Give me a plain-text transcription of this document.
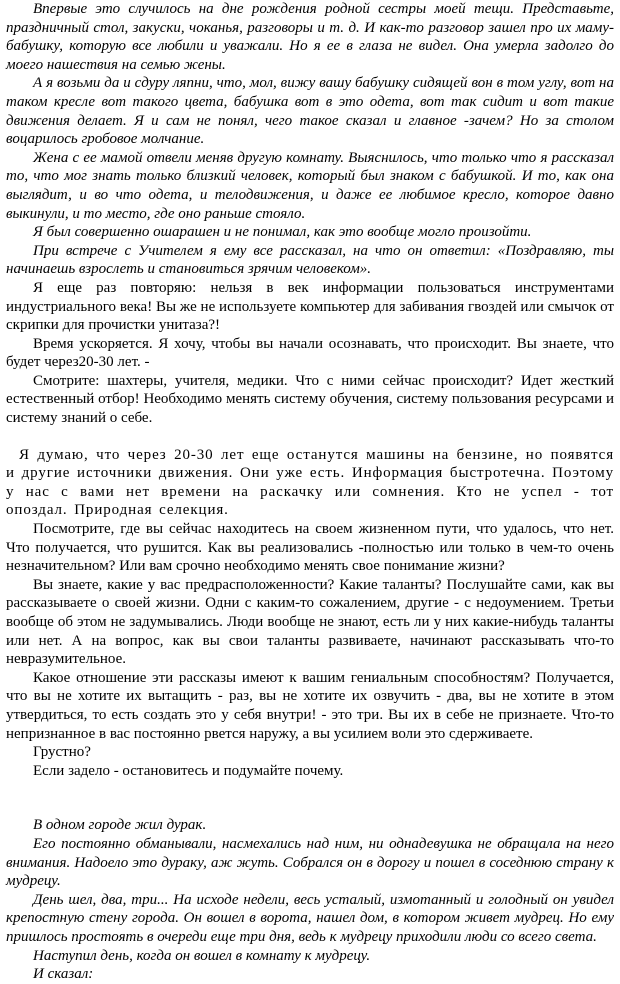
Впервые это случилось на дне рождения родной сестры моей тещи. Представьте, праздничный стол, закуски, чоканья, разговоры и т. д. И как-то разговор зашел про их маму-бабушку, которую все любили и уважали. Но я ее в глаза не видел. Она умерла задолго до моего нашествия на семью жены.

А я возьми да и сдуру ляпни, что, мол, вижу вашу бабушку сидящей вон в том углу, вот на таком кресле вот такого цвета, бабушка вот в это одета, вот так сидит и вот такие движения делает. Я и сам не понял, чего такое сказал и главное -зачем? Но за столом воцарилось гробовое молчание.

Жена с ее мамой отвели меняв другую комнату. Выяснилось, что только что я рассказал то, что мог знать только близкий человек, который был знаком с бабушкой. И то, как она выглядит, и во что одета, и телодвижения, и даже ее любимое кресло, которое давно выкинули, и то место, где оно раньше стояло.

Я был совершенно ошарашен и не понимал, как это вообще могло произойти.

При встрече с Учителем я ему все рассказал, на что он ответил: «Поздравляю, ты начинаешь взрослеть и становиться зрячим человеком».

Я еще раз повторяю: нельзя в век информации пользоваться инструментами индустриального века! Вы же не используете компьютер для забивания гвоздей или смычок от скрипки для прочистки унитаза?!

Время ускоряется. Я хочу, чтобы вы начали осознавать, что происходит. Вы знаете, что будет через20-30 лет. -

Смотрите: шахтеры, учителя, медики. Что с ними сейчас происходит? Идет жесткий естественный отбор! Необходимо менять систему обучения, систему пользования ресурсами и систему знаний о себе.

Я думаю, что через 20-30 лет еще останутся машины на бензине, но появятся и другие источники движения. Они уже есть. Информация быстротечна. Поэтому у нас с вами нет времени на раскачку или сомнения. Кто не успел - тот опоздал. Природная селекция.

Посмотрите, где вы сейчас находитесь на своем жизненном пути, что удалось, что нет. Что получается, что рушится. Как вы реализовались -полностью или только в чем-то очень незначительном? Или вам срочно необходимо менять свое понимание жизни?

Вы знаете, какие у вас предрасположенности? Какие таланты? Послушайте сами, как вы рассказываете о своей жизни. Одни с каким-то сожалением, другие - с недоумением. Третьи вообще об этом не задумывались. Люди вообще не знают, есть ли у них какие-нибудь таланты или нет. А на вопрос, как вы свои таланты развиваете, начинают рассказывать что-то невразумительное.

Какое отношение эти рассказы имеют к вашим гениальным способностям? Получается, что вы не хотите их вытащить - раз, вы не хотите их озвучить - два, вы не хотите в этом утвердиться, то есть создать это у себя внутри! - это три. Вы их в себе не признаете. Что-то непризнанное в вас постоянно рвется наружу, а вы усилием воли это сдерживаете.

Грустно?

Если задело - остановитесь и подумайте почему.

В одном городе жил дурак.

Его постоянно обманывали, насмехались над ним, ни однадевушка не обращала на него внимания. Надоело это дураку, аж жуть. Собрался он в дорогу и пошел в соседнюю страну к мудрецу.

День шел, два, три... На исходе недели, весь усталый, измотанный и голодный он увидел крепостную стену города. Он вошел в ворота, нашел дом, в котором живет мудрец. Но ему пришлось простоять в очереди еще три дня, ведь к мудрецу приходили люди со всего света.

Наступил день, когда он вошел в комнату к мудрецу.

И сказал:
